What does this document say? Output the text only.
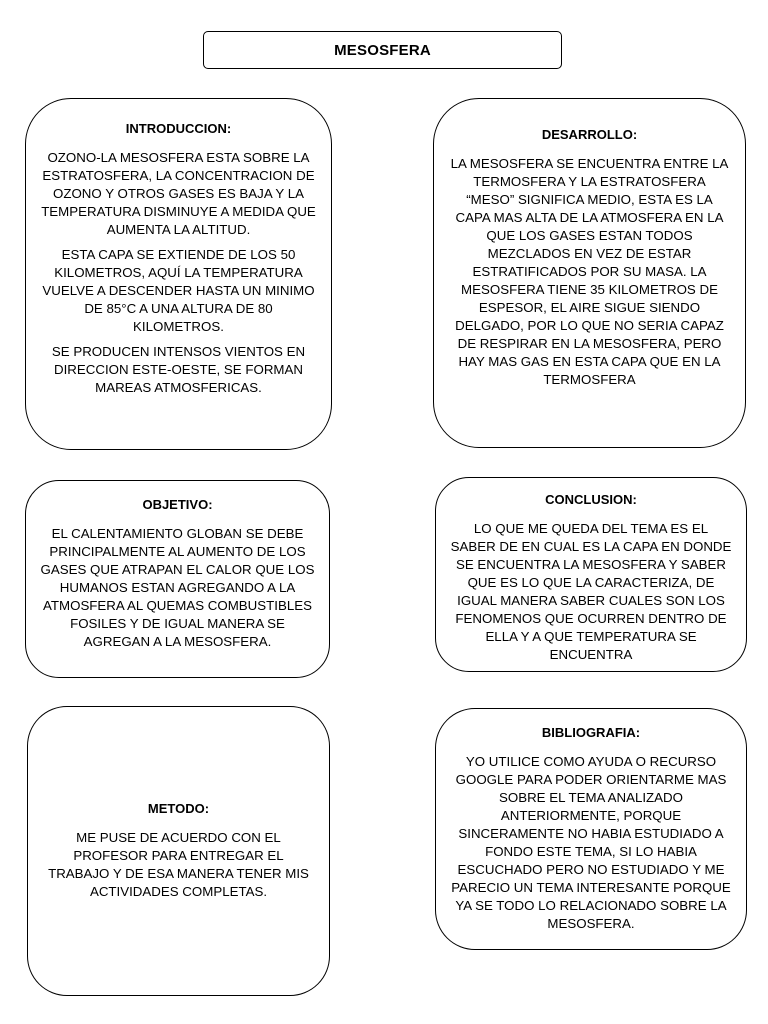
MESOSFERA
INTRODUCCION:

OZONO-LA MESOSFERA ESTA SOBRE LA ESTRATOSFERA, LA CONCENTRACION DE OZONO Y OTROS GASES ES BAJA Y LA TEMPERATURA DISMINUYE A MEDIDA QUE AUMENTA LA ALTITUD.

ESTA CAPA SE EXTIENDE DE LOS 50 KILOMETROS, AQUÍ LA TEMPERATURA VUELVE A DESCENDER HASTA UN MINIMO DE 85°C A UNA ALTURA DE 80 KILOMETROS.

SE PRODUCEN INTENSOS VIENTOS EN DIRECCION ESTE-OESTE, SE FORMAN MAREAS ATMOSFERICAS.

DESARROLLO:

LA MESOSFERA SE ENCUENTRA ENTRE LA TERMOSFERA Y LA ESTRATOSFERA “MESO” SIGNIFICA MEDIO, ESTA ES LA CAPA MAS ALTA DE LA ATMOSFERA EN LA QUE LOS GASES ESTAN TODOS MEZCLADOS EN VEZ DE ESTAR ESTRATIFICADOS POR SU MASA. LA MESOSFERA TIENE 35 KILOMETROS DE ESPESOR, EL AIRE SIGUE SIENDO DELGADO, POR LO QUE NO SERIA CAPAZ DE RESPIRAR EN LA MESOSFERA, PERO HAY MAS GAS EN ESTA CAPA QUE EN LA TERMOSFERA

OBJETIVO:

EL CALENTAMIENTO GLOBAN SE DEBE PRINCIPALMENTE AL AUMENTO DE LOS GASES QUE ATRAPAN EL CALOR QUE LOS HUMANOS ESTAN AGREGANDO A LA ATMOSFERA AL QUEMAS COMBUSTIBLES FOSILES Y DE IGUAL MANERA SE AGREGAN A LA MESOSFERA.

CONCLUSION:

LO QUE ME QUEDA DEL TEMA ES EL SABER DE EN CUAL ES LA CAPA EN DONDE SE ENCUENTRA LA MESOSFERA Y SABER QUE ES LO QUE LA CARACTERIZA, DE IGUAL MANERA SABER CUALES SON LOS FENOMENOS QUE OCURREN DENTRO DE ELLA Y A QUE TEMPERATURA SE ENCUENTRA

METODO:

ME PUSE DE ACUERDO CON EL PROFESOR PARA ENTREGAR EL TRABAJO Y DE ESA MANERA TENER MIS ACTIVIDADES COMPLETAS.

BIBLIOGRAFIA:

YO UTILICE COMO AYUDA O RECURSO GOOGLE PARA PODER ORIENTARME MAS SOBRE EL TEMA ANALIZADO ANTERIORMENTE, PORQUE SINCERAMENTE NO HABIA ESTUDIADO A FONDO ESTE TEMA, SI LO HABIA ESCUCHADO PERO NO ESTUDIADO Y ME PARECIO UN TEMA INTERESANTE PORQUE YA SE TODO LO RELACIONADO SOBRE LA MESOSFERA.
